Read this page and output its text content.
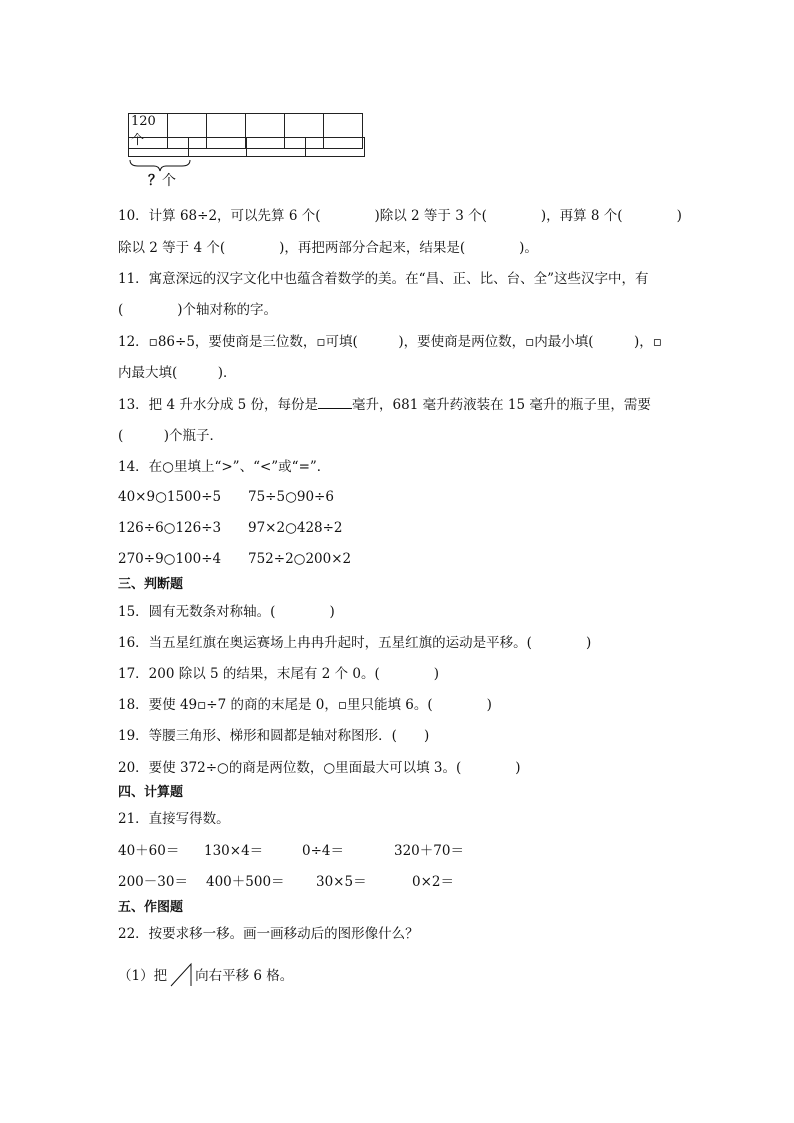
120个					

？个
10．计算 68÷2，可以先算 6 个(　　　　)除以 2 等于 3 个(　　　　)，再算 8 个(　　　　)
除以 2 等于 4 个(　　　　)，再把两部分合起来，结果是(　　　　)。
11．寓意深远的汉字文化中也蕴含着数学的美。在“昌、正、比、台、全”这些汉字中，有
(　　　　)个轴对称的字。
12．▫86÷5，要使商是三位数，▫可填(　　　)，要使商是两位数，▫内最小填(　　　)，▫
内最大填(　　　)．
13．把 4 升水分成 5 份，每份是	毫升，681 毫升药液装在 15 毫升的瓶子里，需要
(　　　)个瓶子．
14．在○里填上“>”、“<”或“=”．
40×9○1500÷5 75÷5○90÷6
126÷6○126÷3 97×2○428÷2
270÷9○100÷4 752÷2○200×2
三、判断题
15．圆有无数条对称轴。(　　　　)
16．当五星红旗在奥运赛场上冉冉升起时，五星红旗的运动是平移。(　　　　)
17．200 除以 5 的结果，末尾有 2 个 0。(　　　　)
18．要使 49▫÷7 的商的末尾是 0，▫里只能填 6。(　　　　)
19．等腰三角形、梯形和圆都是轴对称图形．(　　)
20．要使 372÷○的商是两位数，○里面最大可以填 3。(　　　　)
四、计算题
21．直接写得数。
40＋60＝ 130×4＝	0÷4＝	320＋70＝
200－30＝ 400＋500＝ 30×5＝	0×2＝
五、作图题
22．按要求移一移。画一画移动后的图形像什么？
（1）把 向右平移 6 格。
